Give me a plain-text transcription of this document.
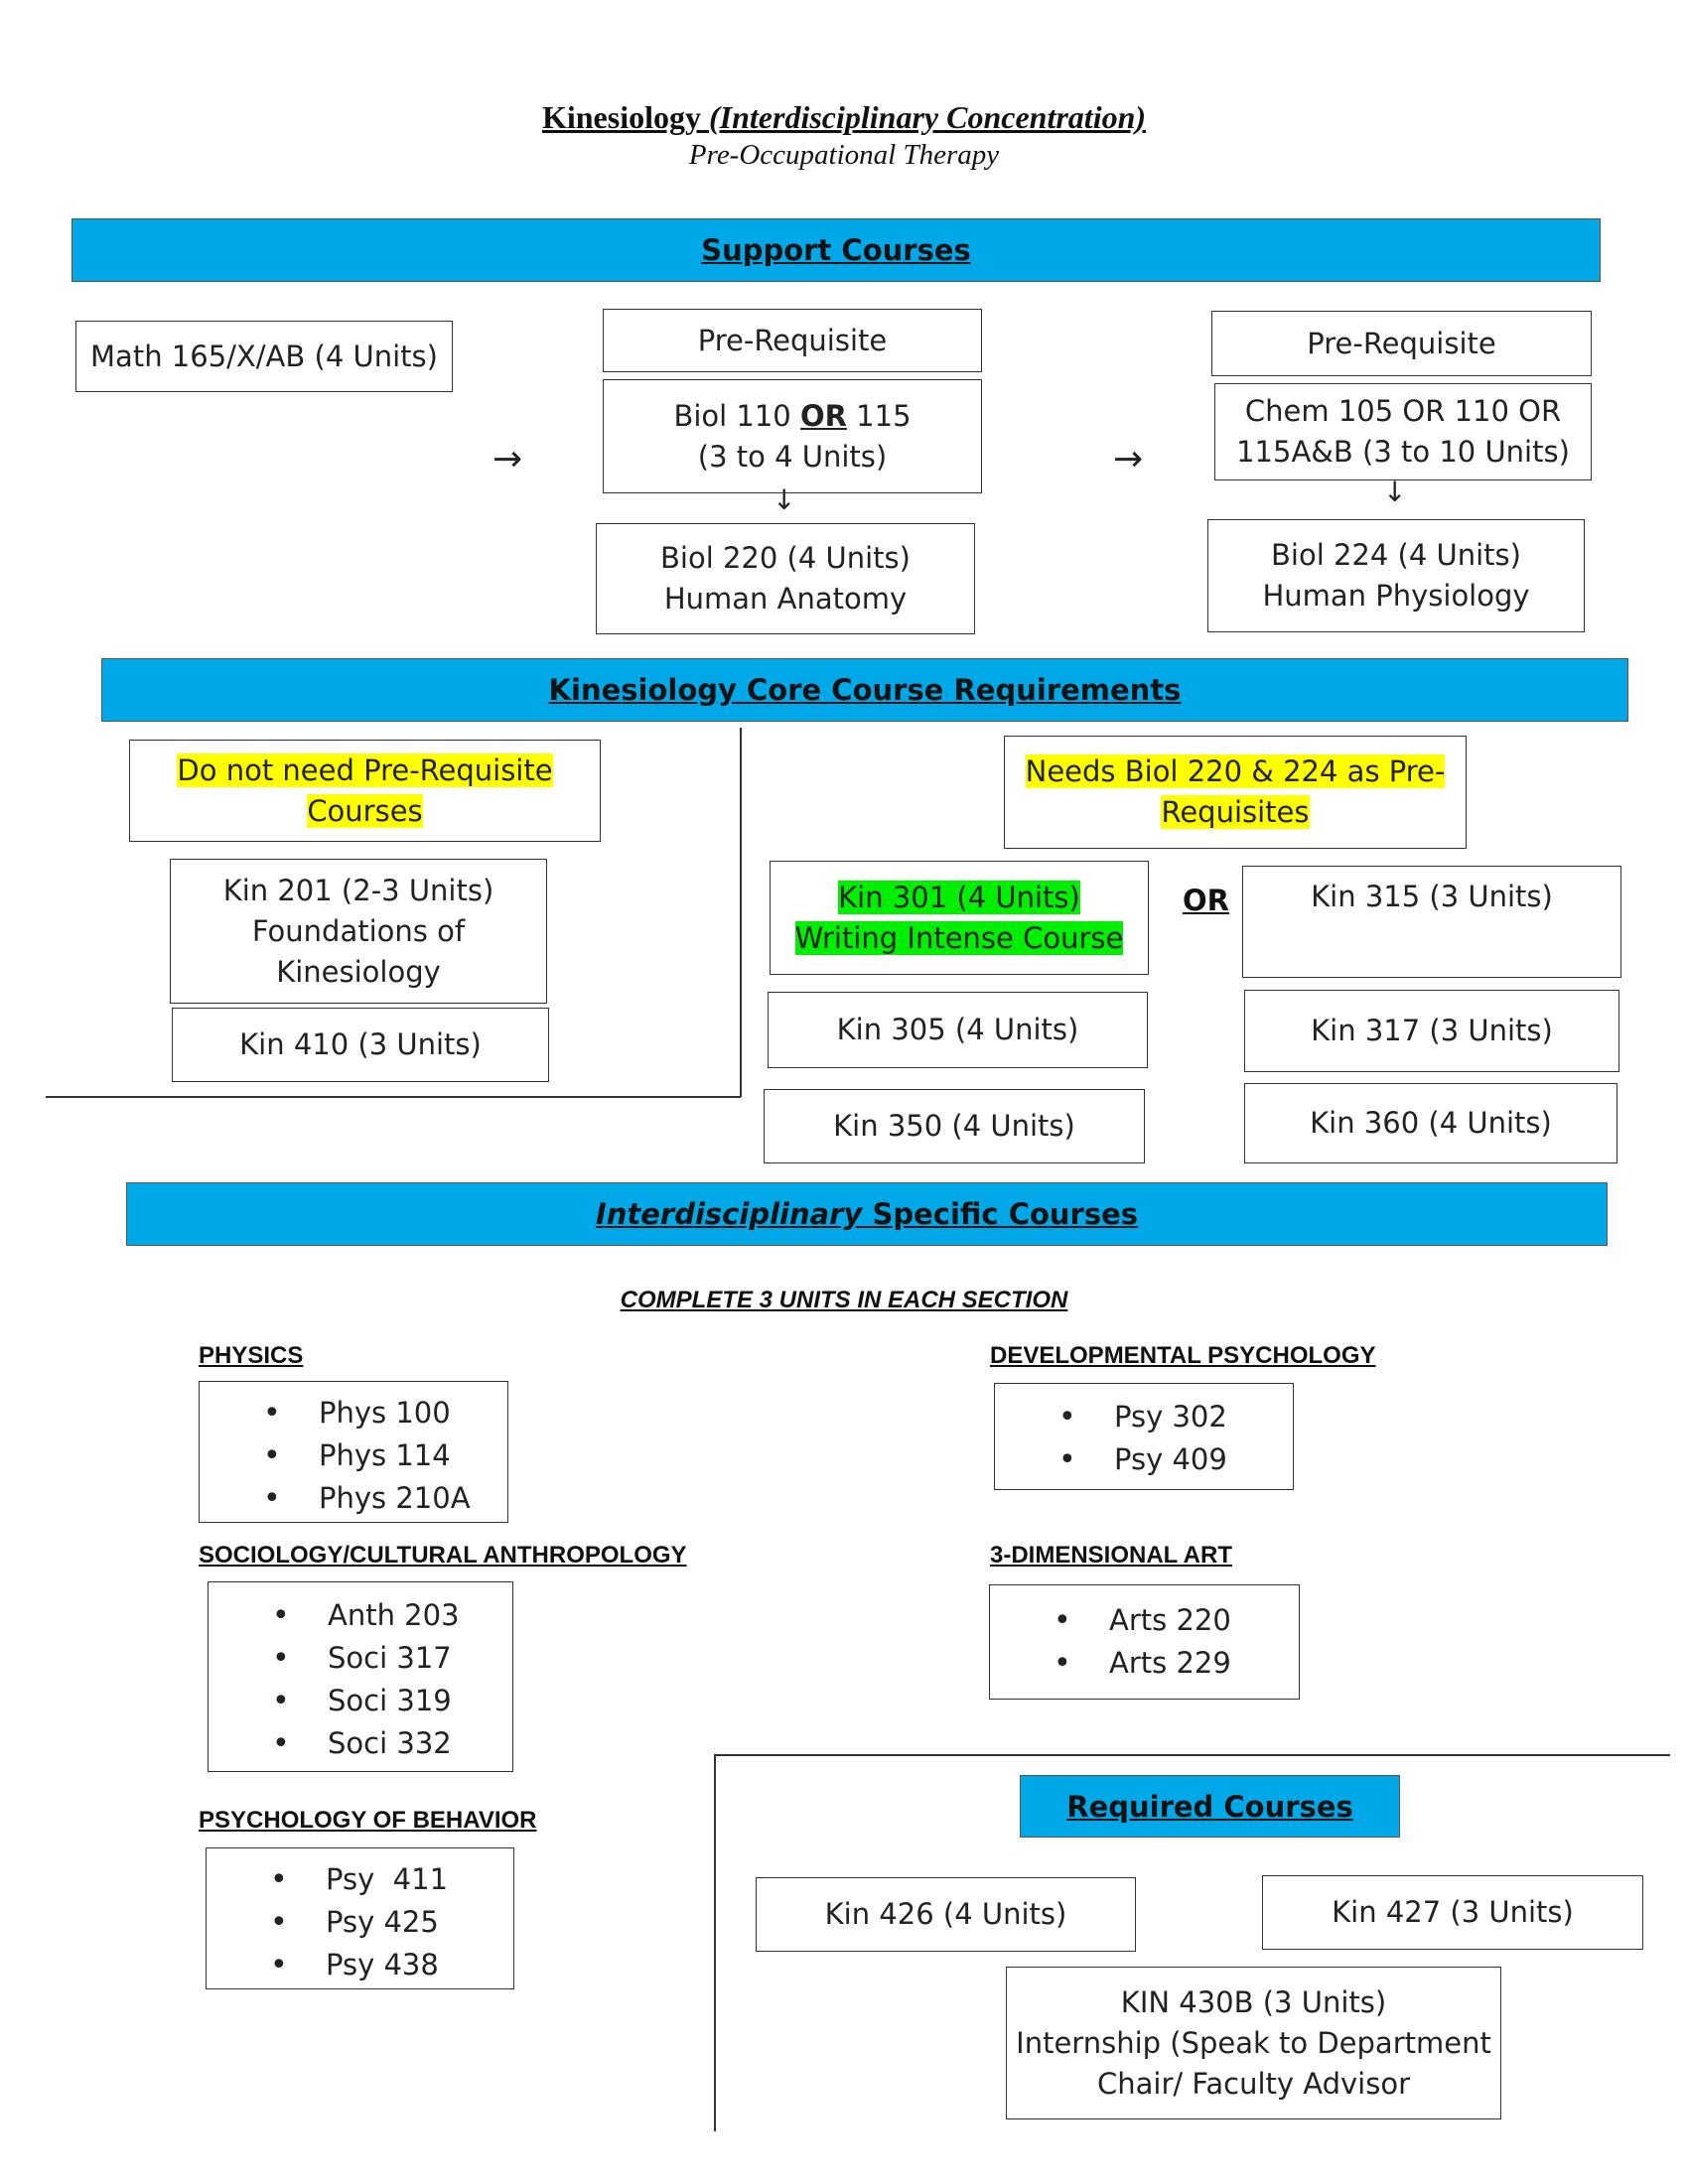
Kinesiology (Interdisciplinary Concentration)
Pre-Occupational Therapy
Support Courses
Math 165/X/AB (4 Units)
→
Pre-Requisite
Biol 110 OR 115
(3 to 4 Units)
↓
Biol 220 (4 Units)
Human Anatomy
→
Pre-Requisite
Chem 105 OR 110 OR
115A&B (3 to 10 Units)
↓
Biol 224 (4 Units)
Human Physiology
Kinesiology Core Course Requirements
Do not need Pre-Requisite
Courses
Kin 201 (2-3 Units)
Foundations of
Kinesiology
Kin 410 (3 Units)
Needs Biol 220 & 224 as Pre-
Requisites
Kin 301 (4 Units)
Writing Intense Course
OR	Kin 315 (3 Units)
Kin 305 (4 Units)	Kin 317 (3 Units)
Kin 350 (4 Units)	Kin 360 (4 Units)
Interdisciplinary Specific Courses
COMPLETE 3 UNITS IN EACH SECTION
PHYSICS
• Phys 100
• Phys 114
• Phys 210A
DEVELOPMENTAL PSYCHOLOGY
• Psy 302
• Psy 409
SOCIOLOGY/CULTURAL ANTHROPOLOGY
• Anth 203
• Soci 317
• Soci 319
• Soci 332
3-DIMENSIONAL ART
• Arts 220
• Arts 229
PSYCHOLOGY OF BEHAVIOR
• Psy  411
• Psy 425
• Psy 438
Required Courses
Kin 426 (4 Units)	Kin 427 (3 Units)
KIN 430B (3 Units)
Internship (Speak to Department
Chair/ Faculty Advisor
